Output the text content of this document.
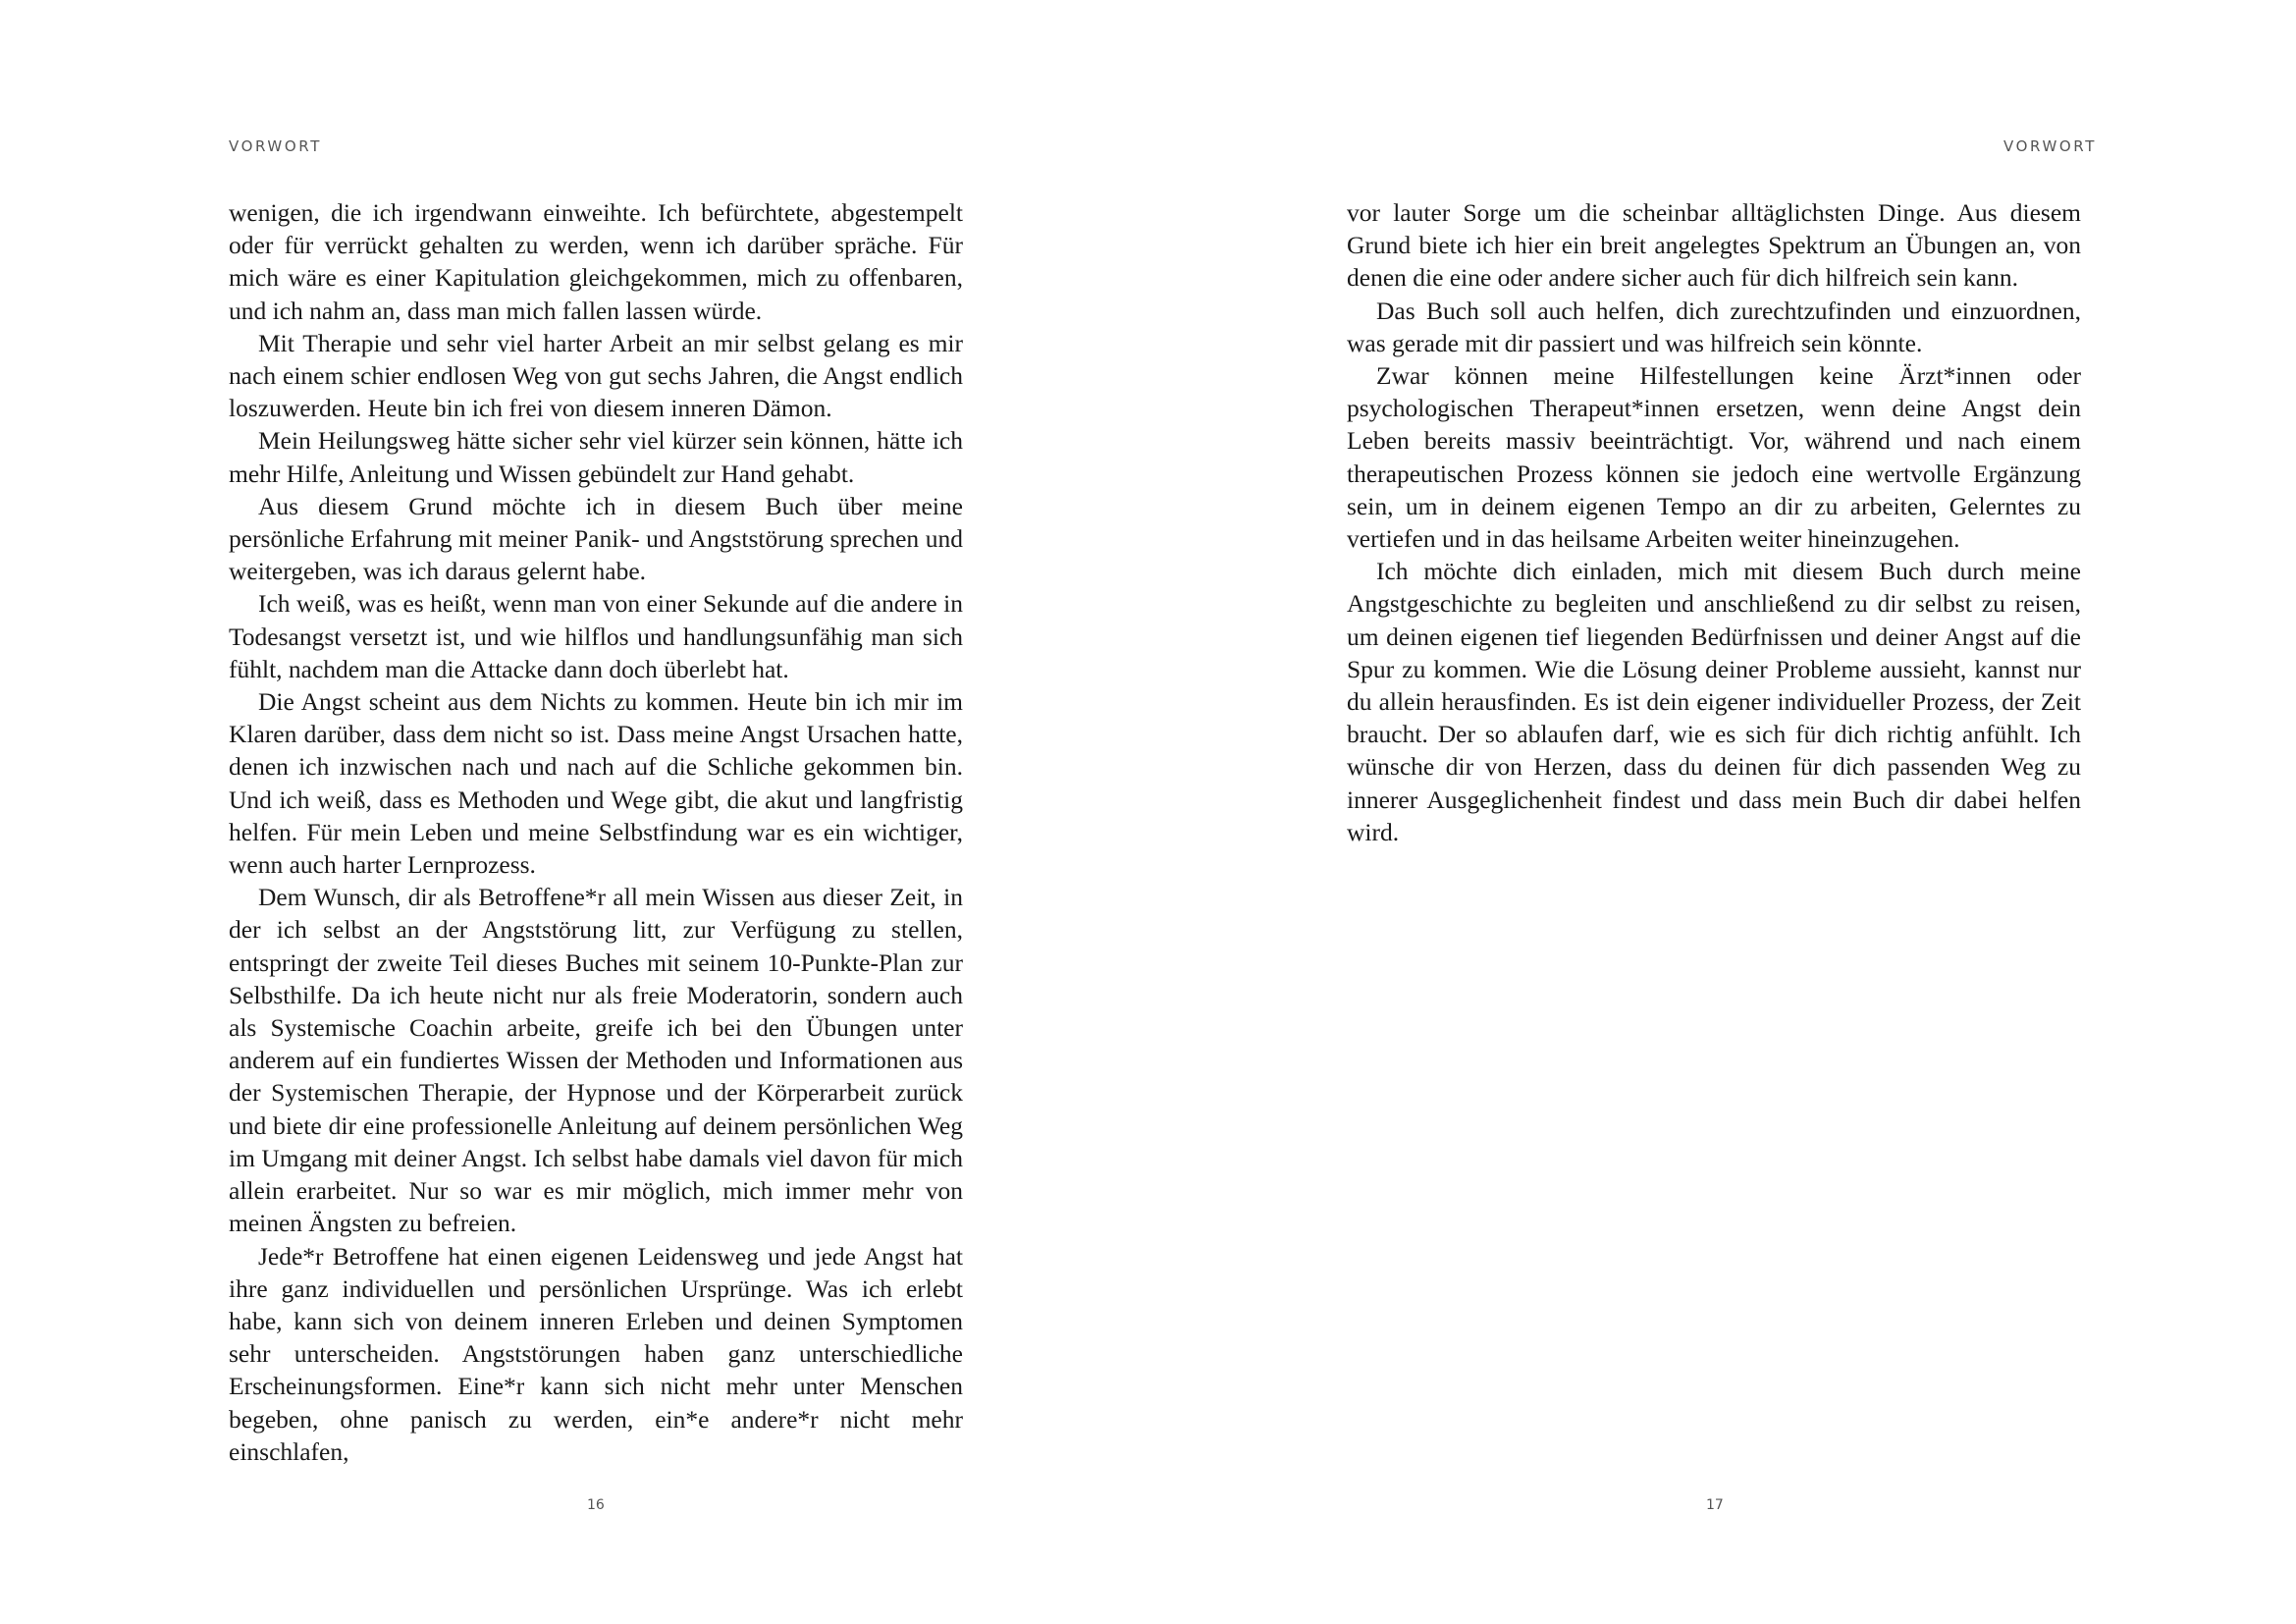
VORWORT

wenigen, die ich irgendwann einweihte. Ich befürchtete, abgestempelt oder für verrückt gehalten zu werden, wenn ich darüber spräche. Für mich wäre es einer Kapitulation gleichgekommen, mich zu offenbaren, und ich nahm an, dass man mich fallen lassen würde.

Mit Therapie und sehr viel harter Arbeit an mir selbst gelang es mir nach einem schier endlosen Weg von gut sechs Jahren, die Angst endlich loszuwerden. Heute bin ich frei von diesem inneren Dämon.

Mein Heilungsweg hätte sicher sehr viel kürzer sein können, hätte ich mehr Hilfe, Anleitung und Wissen gebündelt zur Hand gehabt.

Aus diesem Grund möchte ich in diesem Buch über meine persönliche Erfahrung mit meiner Panik- und Angststörung sprechen und weitergeben, was ich daraus gelernt habe.

Ich weiß, was es heißt, wenn man von einer Sekunde auf die andere in Todesangst versetzt ist, und wie hilflos und handlungsunfähig man sich fühlt, nachdem man die Attacke dann doch überlebt hat.

Die Angst scheint aus dem Nichts zu kommen. Heute bin ich mir im Klaren darüber, dass dem nicht so ist. Dass meine Angst Ursachen hatte, denen ich inzwischen nach und nach auf die Schliche gekommen bin. Und ich weiß, dass es Methoden und Wege gibt, die akut und langfristig helfen. Für mein Leben und meine Selbstfindung war es ein wichtiger, wenn auch harter Lernprozess.

Dem Wunsch, dir als Betroffene*r all mein Wissen aus dieser Zeit, in der ich selbst an der Angststörung litt, zur Verfügung zu stellen, entspringt der zweite Teil dieses Buches mit seinem 10-Punkte-Plan zur Selbsthilfe. Da ich heute nicht nur als freie Moderatorin, sondern auch als Systemische Coachin arbeite, greife ich bei den Übungen unter anderem auf ein fundiertes Wissen der Methoden und Informationen aus der Systemischen Therapie, der Hypnose und der Körperarbeit zurück und biete dir eine professionelle Anleitung auf deinem persönlichen Weg im Umgang mit deiner Angst. Ich selbst habe damals viel davon für mich allein erarbeitet. Nur so war es mir möglich, mich immer mehr von meinen Ängsten zu befreien.

Jede*r Betroffene hat einen eigenen Leidensweg und jede Angst hat ihre ganz individuellen und persönlichen Ursprünge. Was ich erlebt habe, kann sich von deinem inneren Erleben und deinen Symptomen sehr unterscheiden. Angststörungen haben ganz unterschiedliche Erscheinungsformen. Eine*r kann sich nicht mehr unter Menschen begeben, ohne panisch zu werden, ein*e andere*r nicht mehr einschlafen,

16
VORWORT

vor lauter Sorge um die scheinbar alltäglichsten Dinge. Aus diesem Grund biete ich hier ein breit angelegtes Spektrum an Übungen an, von denen die eine oder andere sicher auch für dich hilfreich sein kann.

Das Buch soll auch helfen, dich zurechtzufinden und einzuordnen, was gerade mit dir passiert und was hilfreich sein könnte.

Zwar können meine Hilfestellungen keine Ärzt*innen oder psychologischen Therapeut*innen ersetzen, wenn deine Angst dein Leben bereits massiv beeinträchtigt. Vor, während und nach einem therapeutischen Prozess können sie jedoch eine wertvolle Ergänzung sein, um in deinem eigenen Tempo an dir zu arbeiten, Gelerntes zu vertiefen und in das heilsame Arbeiten weiter hineinzugehen.

Ich möchte dich einladen, mich mit diesem Buch durch meine Angstgeschichte zu begleiten und anschließend zu dir selbst zu reisen, um deinen eigenen tief liegenden Bedürfnissen und deiner Angst auf die Spur zu kommen. Wie die Lösung deiner Probleme aussieht, kannst nur du allein herausfinden. Es ist dein eigener individueller Prozess, der Zeit braucht. Der so ablaufen darf, wie es sich für dich richtig anfühlt. Ich wünsche dir von Herzen, dass du deinen für dich passenden Weg zu innerer Ausgeglichenheit findest und dass mein Buch dir dabei helfen wird.

17
